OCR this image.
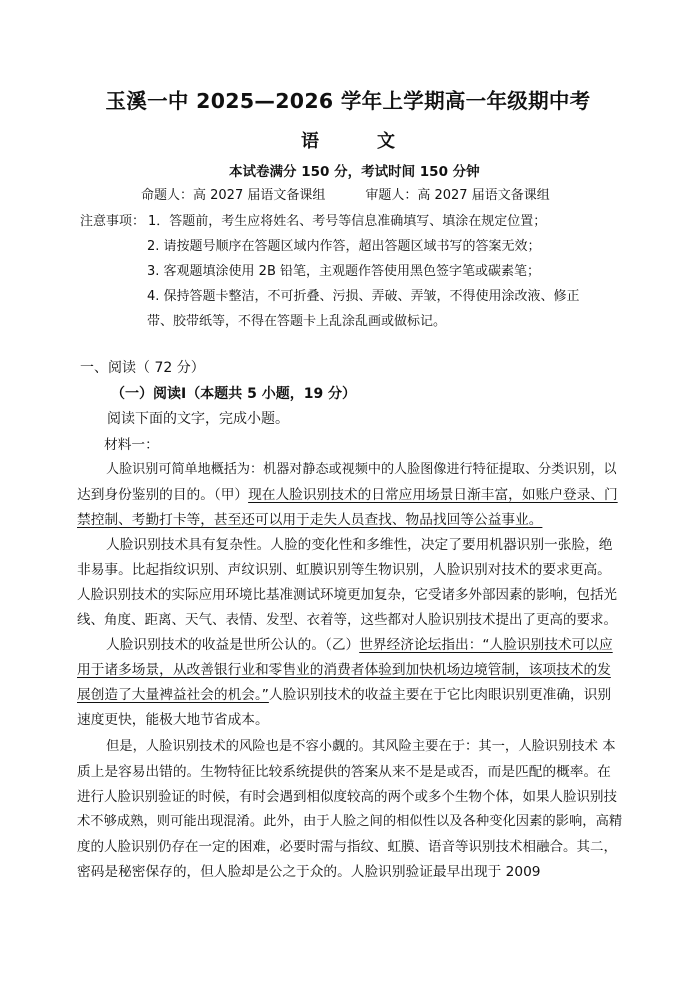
玉溪一中 2025—2026 学年上学期高一年级期中考
语	文
本试卷满分 150 分，考试时间 150 分钟
命题人：高 2027 届语文备课组	审题人：高 2027 届语文备课组
注意事项： 1．答题前，考生应将姓名、考号等信息准确填写、填涂在规定位置；
2. 请按题号顺序在答题区域内作答，超出答题区域书写的答案无效；
3. 客观题填涂使用 2B 铅笔，主观题作答使用黑色签字笔或碳素笔；
4. 保持答题卡整洁，不可折叠、污损、弄破、弄皱，不得使用涂改液、修正
带、胶带纸等，不得在答题卡上乱涂乱画或做标记。
一、阅读（ 72 分）
（一）阅读Ⅰ（本题共 5 小题，19 分）
阅读下面的文字，完成小题。
材料一：
人脸识别可简单地概括为：机器对静态或视频中的人脸图像进行特征提取、分类识别，以
达到身份鉴别的目的。（甲）现在人脸识别技术的日常应用场景日渐丰富，如账户登录、门
禁控制、考勤打卡等，甚至还可以用于走失人员查找、物品找回等公益事业。
人脸识别技术具有复杂性。人脸的变化性和多维性，决定了要用机器识别一张脸，绝
非易事。比起指纹识别、声纹识别、虹膜识别等生物识别，人脸识别对技术的要求更高。
人脸识别技术的实际应用环境比基准测试环境更加复杂，它受诸多外部因素的影响，包括光
线、角度、距离、天气、表情、发型、衣着等，这些都对人脸识别技术提出了更高的要求。
人脸识别技术的收益是世所公认的。（乙）世界经济论坛指出：“人脸识别技术可以应
用于诸多场景，从改善银行业和零售业的消费者体验到加快机场边境管制，该项技术的发
展创造了大量裨益社会的机会。”人脸识别技术的收益主要在于它比肉眼识别更准确，识别
速度更快，能极大地节省成本。
但是，人脸识别技术的风险也是不容小觑的。其风险主要在于：其一，人脸识别技术 本
质上是容易出错的。生物特征比较系统提供的答案从来不是是或否，而是匹配的概率。在
进行人脸识别验证的时候，有时会遇到相似度较高的两个或多个生物个体，如果人脸识别技
术不够成熟，则可能出现混淆。此外，由于人脸之间的相似性以及各种变化因素的影响，高精
度的人脸识别仍存在一定的困难，必要时需与指纹、虹膜、语音等识别技术相融合。其二，
密码是秘密保存的，但人脸却是公之于众的。人脸识别验证最早出现于 2009
